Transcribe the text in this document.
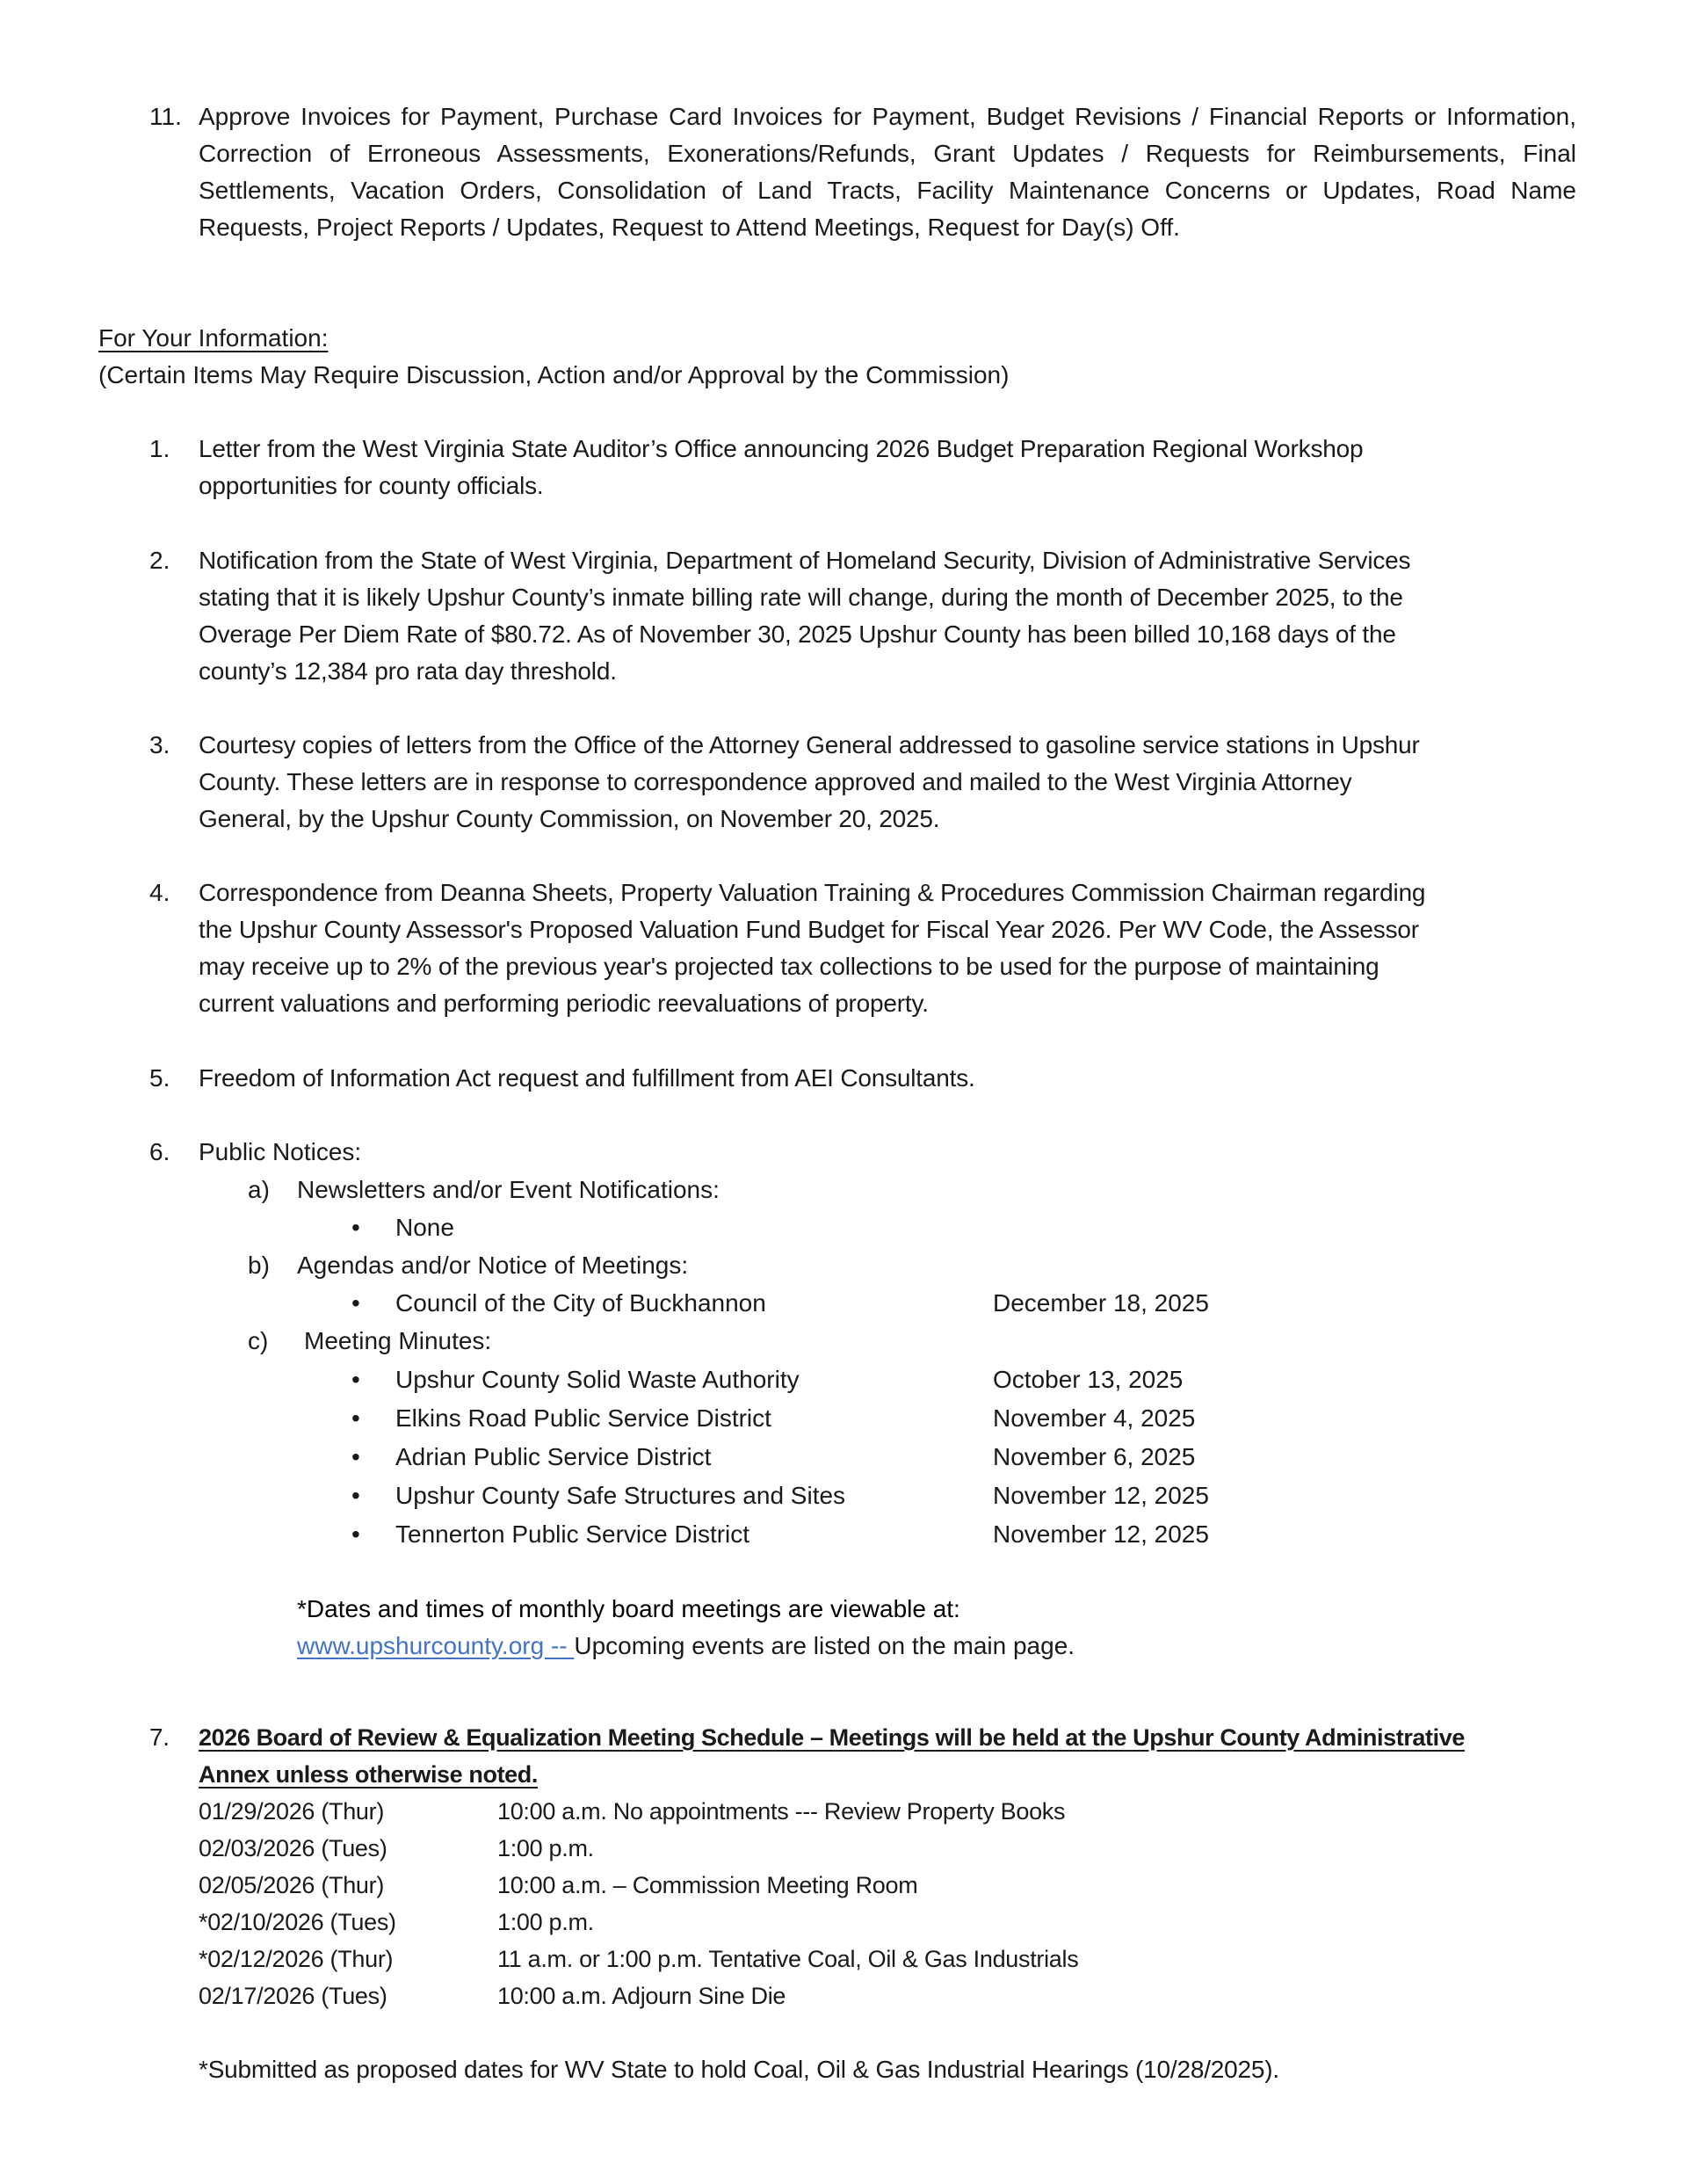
11. Approve Invoices for Payment, Purchase Card Invoices for Payment, Budget Revisions / Financial Reports or Information, Correction of Erroneous Assessments, Exonerations/Refunds, Grant Updates / Requests for Reimbursements, Final Settlements, Vacation Orders, Consolidation of Land Tracts, Facility Maintenance Concerns or Updates, Road Name Requests, Project Reports / Updates, Request to Attend Meetings, Request for Day(s) Off.
For Your Information:
(Certain Items May Require Discussion, Action and/or Approval by the Commission)
1.	Letter from the West Virginia State Auditor’s Office announcing 2026 Budget Preparation Regional Workshop
opportunities for county officials.
2.	Notification from the State of West Virginia, Department of Homeland Security, Division of Administrative Services
stating that it is likely Upshur County’s inmate billing rate will change, during the month of December 2025, to the
Overage Per Diem Rate of $80.72. As of November 30, 2025 Upshur County has been billed 10,168 days of the
county’s 12,384 pro rata day threshold.
3.	Courtesy copies of letters from the Office of the Attorney General addressed to gasoline service stations in Upshur
County. These letters are in response to correspondence approved and mailed to the West Virginia Attorney
General, by the Upshur County Commission, on November 20, 2025.
4.	Correspondence from Deanna Sheets, Property Valuation Training & Procedures Commission Chairman regarding
the Upshur County Assessor's Proposed Valuation Fund Budget for Fiscal Year 2026. Per WV Code, the Assessor
may receive up to 2% of the previous year's projected tax collections to be used for the purpose of maintaining
current valuations and performing periodic reevaluations of property.
5.	Freedom of Information Act request and fulfillment from AEI Consultants.
6.	Public Notices:
a) Newsletters and/or Event Notifications:
• None
b) Agendas and/or Notice of Meetings:
• Council of the City of Buckhannon	December 18, 2025
c) Meeting Minutes:
• Upshur County Solid Waste Authority	October 13, 2025
• Elkins Road Public Service District	November 4, 2025
• Adrian Public Service District	November 6, 2025
• Upshur County Safe Structures and Sites	November 12, 2025
• Tennerton Public Service District	November 12, 2025
*Dates and times of monthly board meetings are viewable at:
www.upshurcounty.org -- Upcoming events are listed on the main page.
7.	2026 Board of Review & Equalization Meeting Schedule – Meetings will be held at the Upshur County Administrative
Annex unless otherwise noted.
01/29/2026 (Thur)	10:00 a.m. No appointments --- Review Property Books
02/03/2026 (Tues)	1:00 p.m.
02/05/2026 (Thur)	10:00 a.m. – Commission Meeting Room
*02/10/2026 (Tues)	1:00 p.m.
*02/12/2026 (Thur)	11 a.m. or 1:00 p.m. Tentative Coal, Oil & Gas Industrials
02/17/2026 (Tues)	10:00 a.m. Adjourn Sine Die
*Submitted as proposed dates for WV State to hold Coal, Oil & Gas Industrial Hearings (10/28/2025).
